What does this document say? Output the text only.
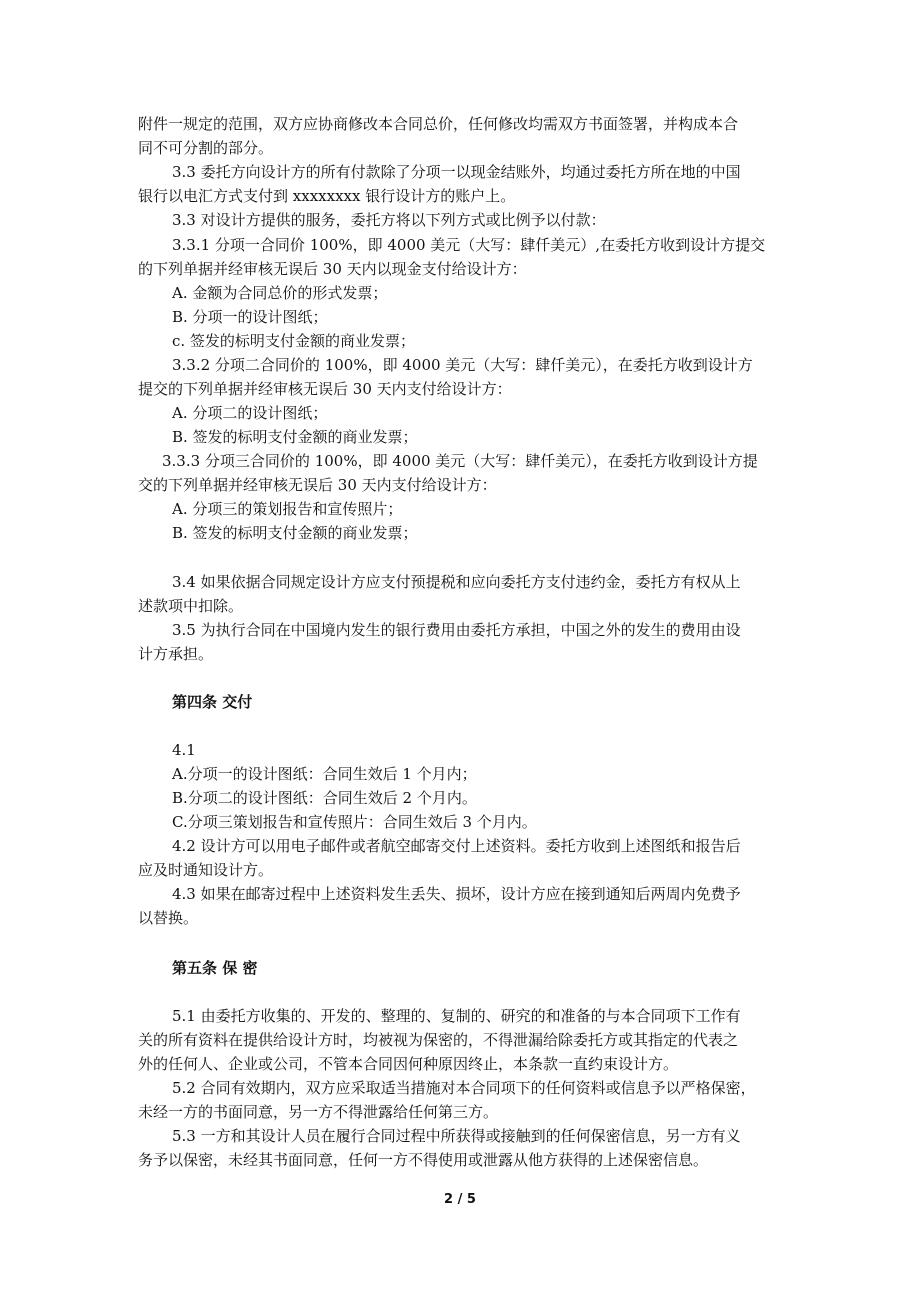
附件一规定的范围，双方应协商修改本合同总价，任何修改均需双方书面签署，并构成本合
同不可分割的部分。
3.3 委托方向设计方的所有付款除了分项一以现金结账外，均通过委托方所在地的中国
银行以电汇方式支付到 xxxxxxxx 银行设计方的账户上。
3.3 对设计方提供的服务，委托方将以下列方式或比例予以付款：
3.3.1 分项一合同价 100%，即 4000 美元（大写：肆仟美元）,在委托方收到设计方提交
的下列单据并经审核无误后 30 天内以现金支付给设计方：
A. 金额为合同总价的形式发票；
B. 分项一的设计图纸；
c. 签发的标明支付金额的商业发票；
3.3.2 分项二合同价的 100%，即 4000 美元（大写：肆仟美元），在委托方收到设计方
提交的下列单据并经审核无误后 30 天内支付给设计方：
A. 分项二的设计图纸；
B. 签发的标明支付金额的商业发票；
3.3.3 分项三合同价的 100%，即 4000 美元（大写：肆仟美元），在委托方收到设计方提
交的下列单据并经审核无误后 30 天内支付给设计方：
A. 分项三的策划报告和宣传照片；
B. 签发的标明支付金额的商业发票；
3.4 如果依据合同规定设计方应支付预提税和应向委托方支付违约金，委托方有权从上
述款项中扣除。
3.5 为执行合同在中国境内发生的银行费用由委托方承担，中国之外的发生的费用由设
计方承担。
第四条 交付
4.1
A.分项一的设计图纸：合同生效后 1 个月内；
B.分项二的设计图纸：合同生效后 2 个月内。
C.分项三策划报告和宣传照片：合同生效后 3 个月内。
4.2 设计方可以用电子邮件或者航空邮寄交付上述资料。委托方收到上述图纸和报告后
应及时通知设计方。
4.3 如果在邮寄过程中上述资料发生丢失、损坏，设计方应在接到通知后两周内免费予
以替换。
第五条 保 密
5.1 由委托方收集的、开发的、整理的、复制的、研究的和准备的与本合同项下工作有
关的所有资料在提供给设计方时，均被视为保密的，不得泄漏给除委托方或其指定的代表之
外的任何人、企业或公司，不管本合同因何种原因终止，本条款一直约束设计方。
5.2 合同有效期内，双方应采取适当措施对本合同项下的任何资料或信息予以严格保密，
未经一方的书面同意，另一方不得泄露给任何第三方。
5.3 一方和其设计人员在履行合同过程中所获得或接触到的任何保密信息，另一方有义
务予以保密，未经其书面同意，任何一方不得使用或泄露从他方获得的上述保密信息。
2 / 5
